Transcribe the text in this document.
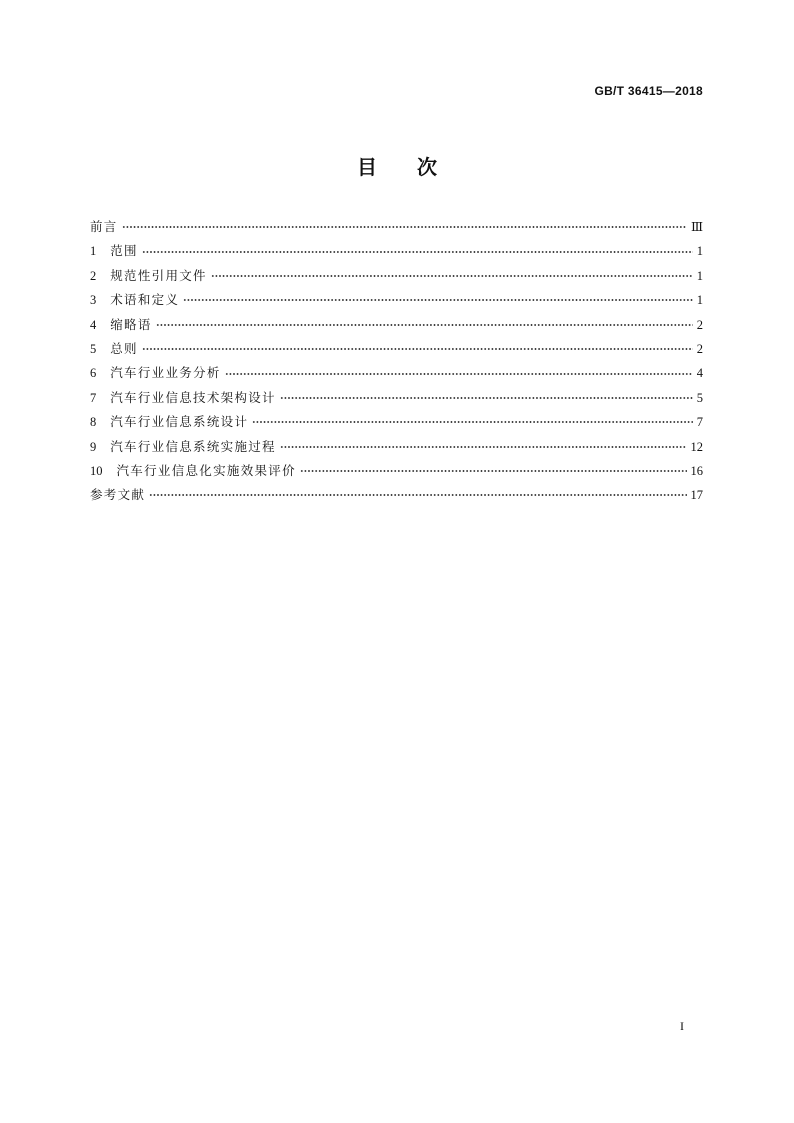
GB/T 36415—2018
目　　次
前言	Ⅲ
1	范围	1
2	规范性引用文件	1
3	术语和定义	1
4	缩略语	2
5	总则	2
6	汽车行业业务分析	4
7	汽车行业信息技术架构设计	5
8	汽车行业信息系统设计	7
9	汽车行业信息系统实施过程	12
10	汽车行业信息化实施效果评价	16
参考文献	17
I
